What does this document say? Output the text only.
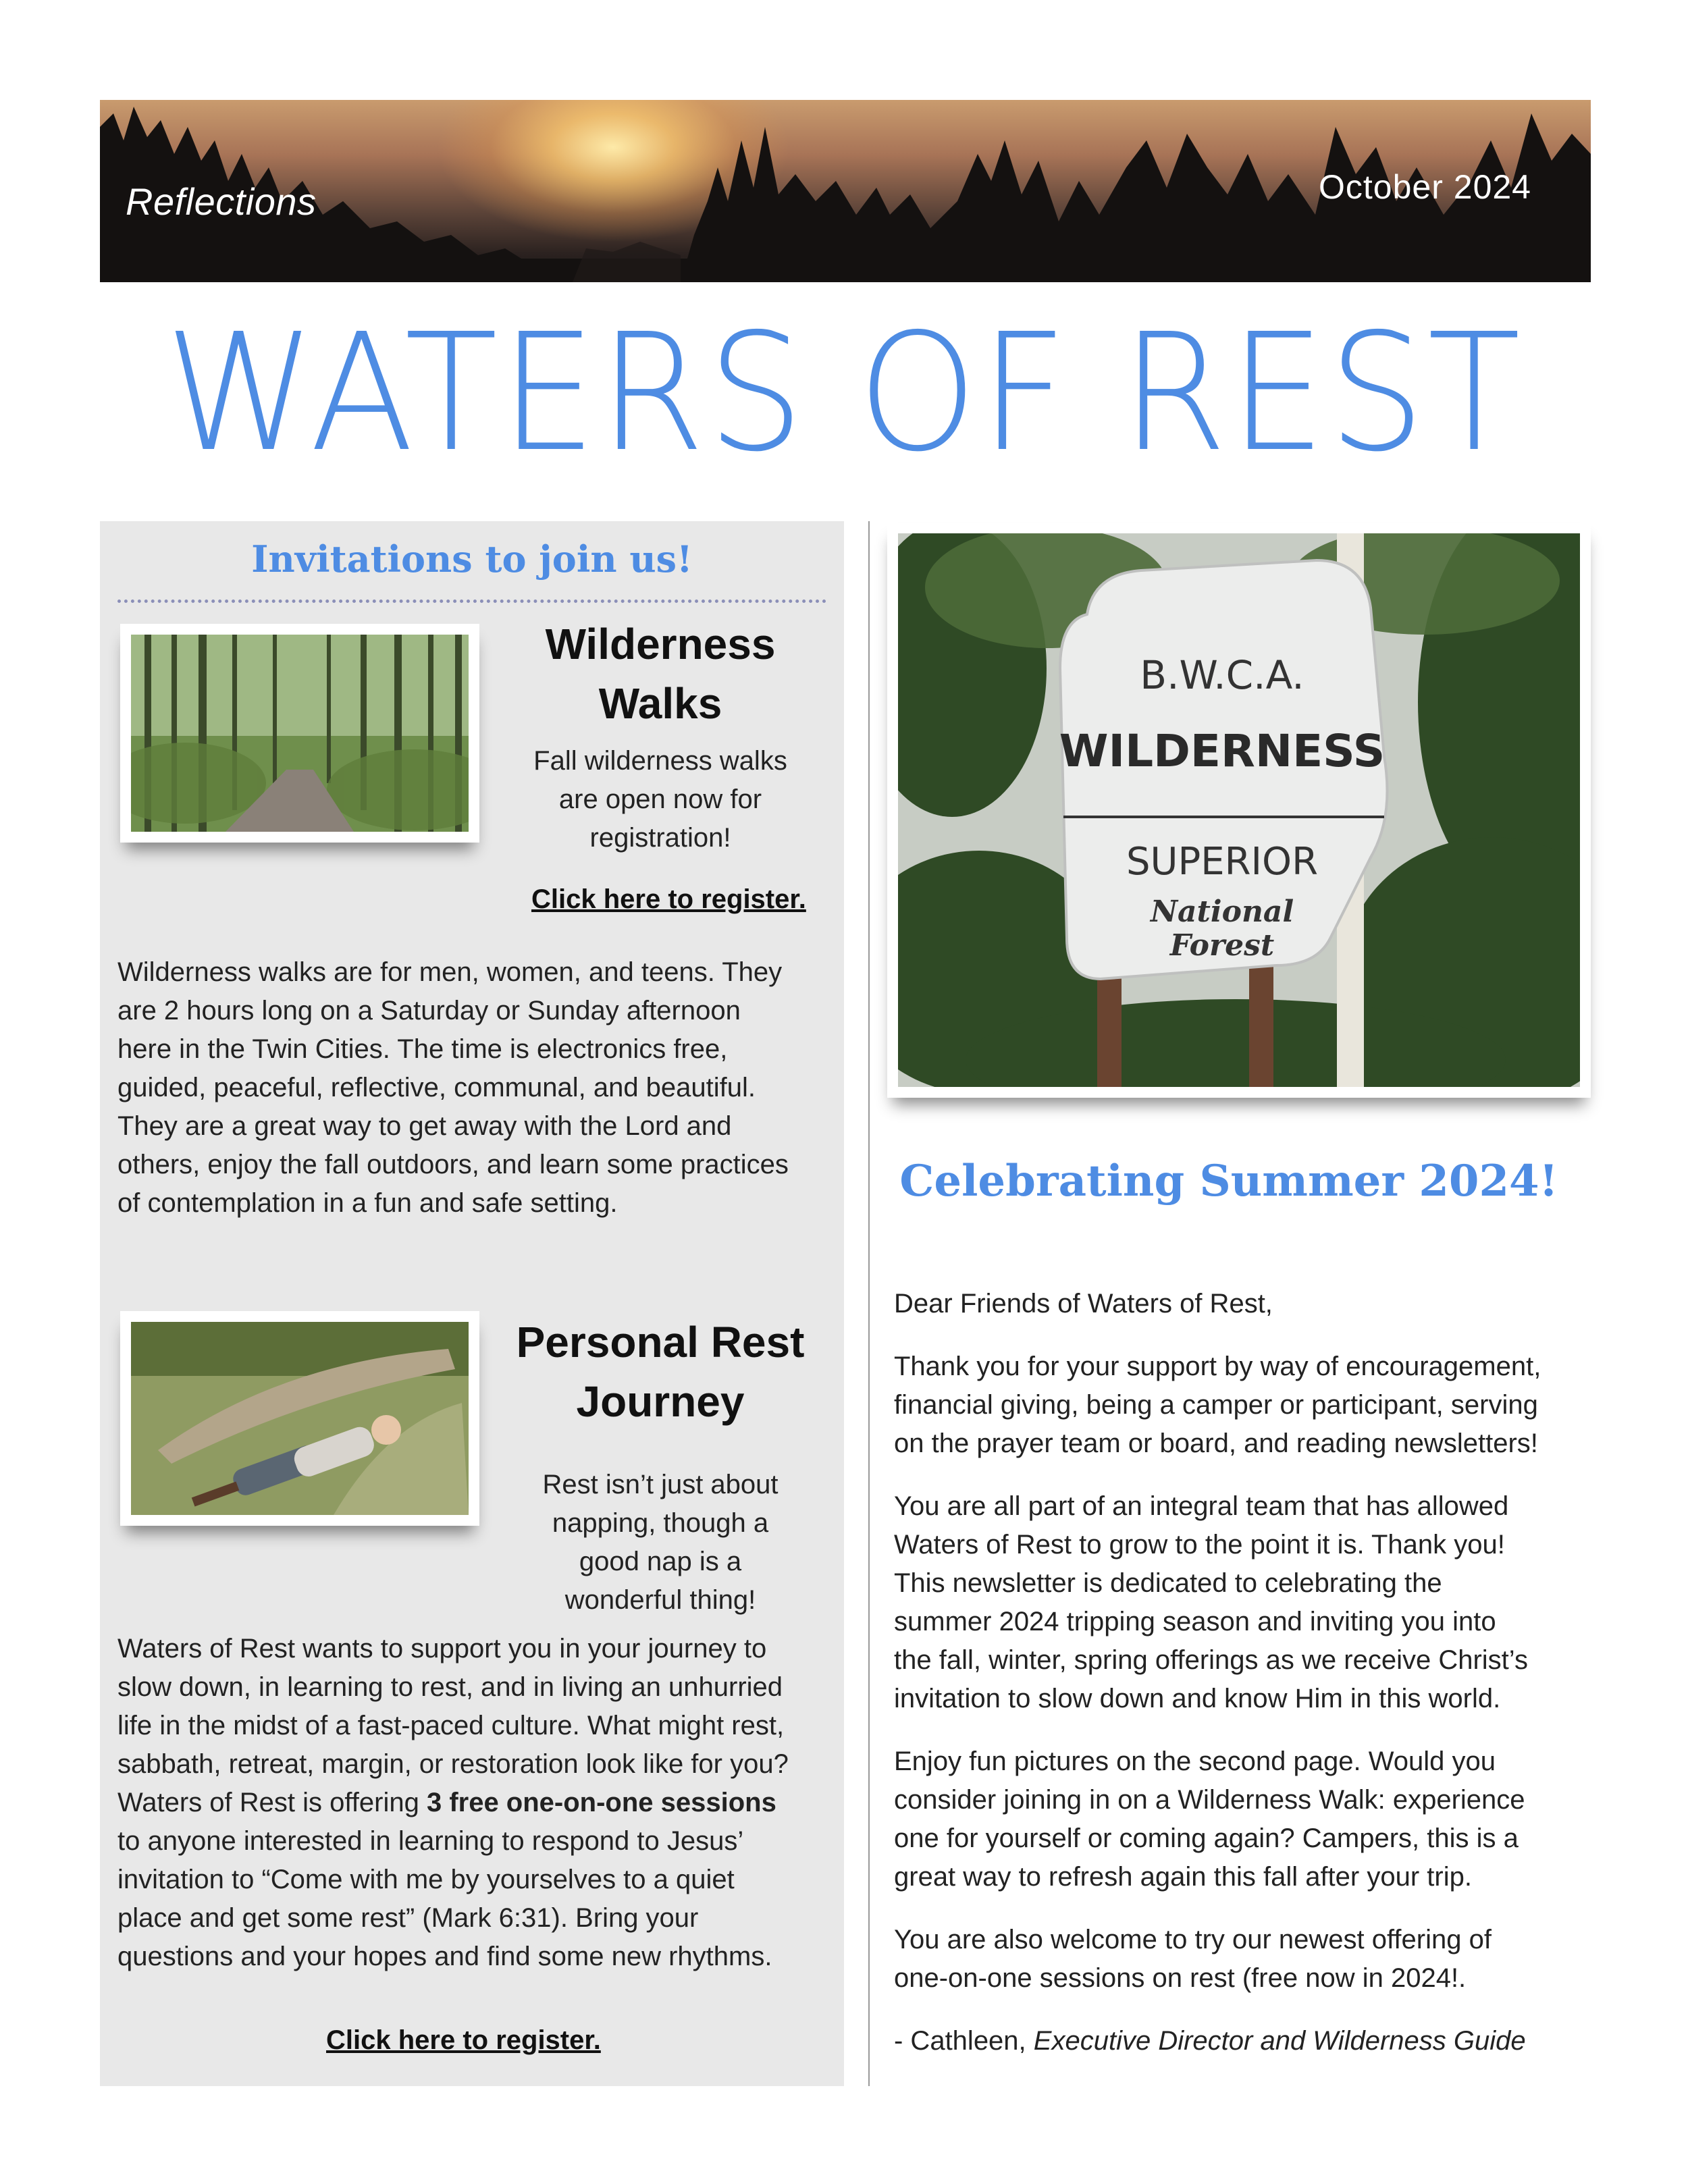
Reflections	October 2024
WATERS OF REST
Invitations to join us!
Wilderness
Walks
Fall wilderness walks
are open now for
registration!
Click here to register.
Wilderness walks are for men, women, and teens. They
are 2 hours long on a Saturday or Sunday afternoon
here in the Twin Cities. The time is electronics free,
guided, peaceful, reflective, communal, and beautiful.
They are a great way to get away with the Lord and
others, enjoy the fall outdoors, and learn some practices
of contemplation in a fun and safe setting.
Personal Rest
Journey
Rest isn’t just about
napping, though a
good nap is a
wonderful thing!
Waters of Rest wants to support you in your journey to
slow down, in learning to rest, and in living an unhurried
life in the midst of a fast-paced culture. What might rest,
sabbath, retreat, margin, or restoration look like for you?
Waters of Rest is offering 3 free one-on-one sessions
to anyone interested in learning to respond to Jesus’
invitation to “Come with me by yourselves to a quiet
place and get some rest” (Mark 6:31). Bring your
questions and your hopes and find some new rhythms.
Click here to register.
B.W.C.A.
WILDERNESS
SUPERIOR
National
Forest
Celebrating Summer 2024!
Dear Friends of Waters of Rest,
Thank you for your support by way of encouragement,
financial giving, being a camper or participant, serving
on the prayer team or board, and reading newsletters!
You are all part of an integral team that has allowed
Waters of Rest to grow to the point it is. Thank you!
This newsletter is dedicated to celebrating the
summer 2024 tripping season and inviting you into
the fall, winter, spring offerings as we receive Christ’s
invitation to slow down and know Him in this world.
Enjoy fun pictures on the second page. Would you
consider joining in on a Wilderness Walk: experience
one for yourself or coming again? Campers, this is a
great way to refresh again this fall after your trip.
You are also welcome to try our newest offering of
one-on-one sessions on rest (free now in 2024!.
- Cathleen, Executive Director and Wilderness Guide
